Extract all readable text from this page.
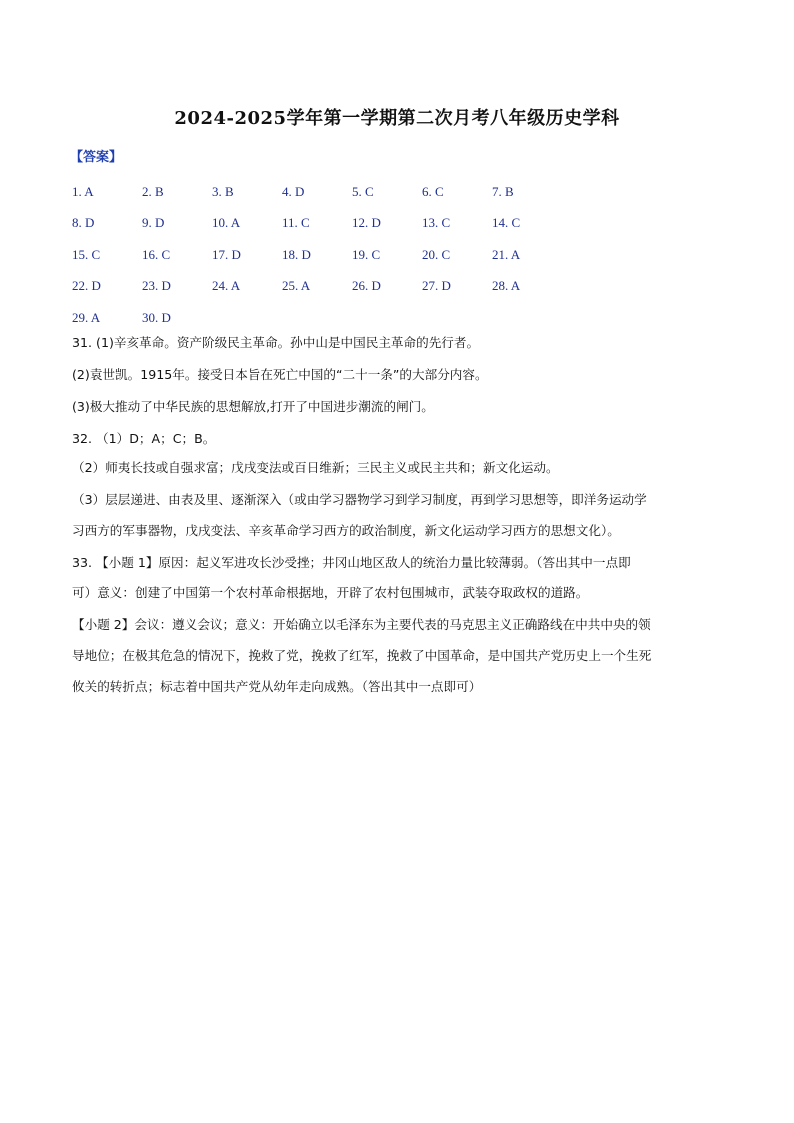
2024-2025学年第一学期第二次月考八年级历史学科
【答案】
1. A	2. B	3. B	4. D	5. C	6. C	7. B
8. D	9. D	10. A	11. C	12. D	13. C	14. C
15. C	16. C	17. D	18. D	19. C	20. C	21. A
22. D	23. D	24. A	25. A	26. D	27. D	28. A
29. A	30. D
31. (1)辛亥革命。资产阶级民主革命。孙中山是中国民主革命的先行者。
(2)袁世凯。1915年。接受日本旨在死亡中国的“二十一条”的大部分内容。
(3)极大推动了中华民族的思想解放,打开了中国进步潮流的闸门。
32. （1）D；A；C；B。
（2）师夷长技或自强求富；戊戌变法或百日维新；三民主义或民主共和；新文化运动。
（3）层层递进、由表及里、逐渐深入（或由学习器物学习到学习制度，再到学习思想等，即洋务运动学
习西方的军事器物，戊戌变法、辛亥革命学习西方的政治制度，新文化运动学习西方的思想文化）。
33. 【小题 1】原因：起义军进攻长沙受挫；井冈山地区敌人的统治力量比较薄弱。（答出其中一点即
可）意义：创建了中国第一个农村革命根据地，开辟了农村包围城市，武装夺取政权的道路。
【小题 2】会议：遵义会议；意义：开始确立以毛泽东为主要代表的马克思主义正确路线在中共中央的领
导地位；在极其危急的情况下，挽救了党，挽救了红军，挽救了中国革命，是中国共产党历史上一个生死
攸关的转折点；标志着中国共产党从幼年走向成熟。（答出其中一点即可）
